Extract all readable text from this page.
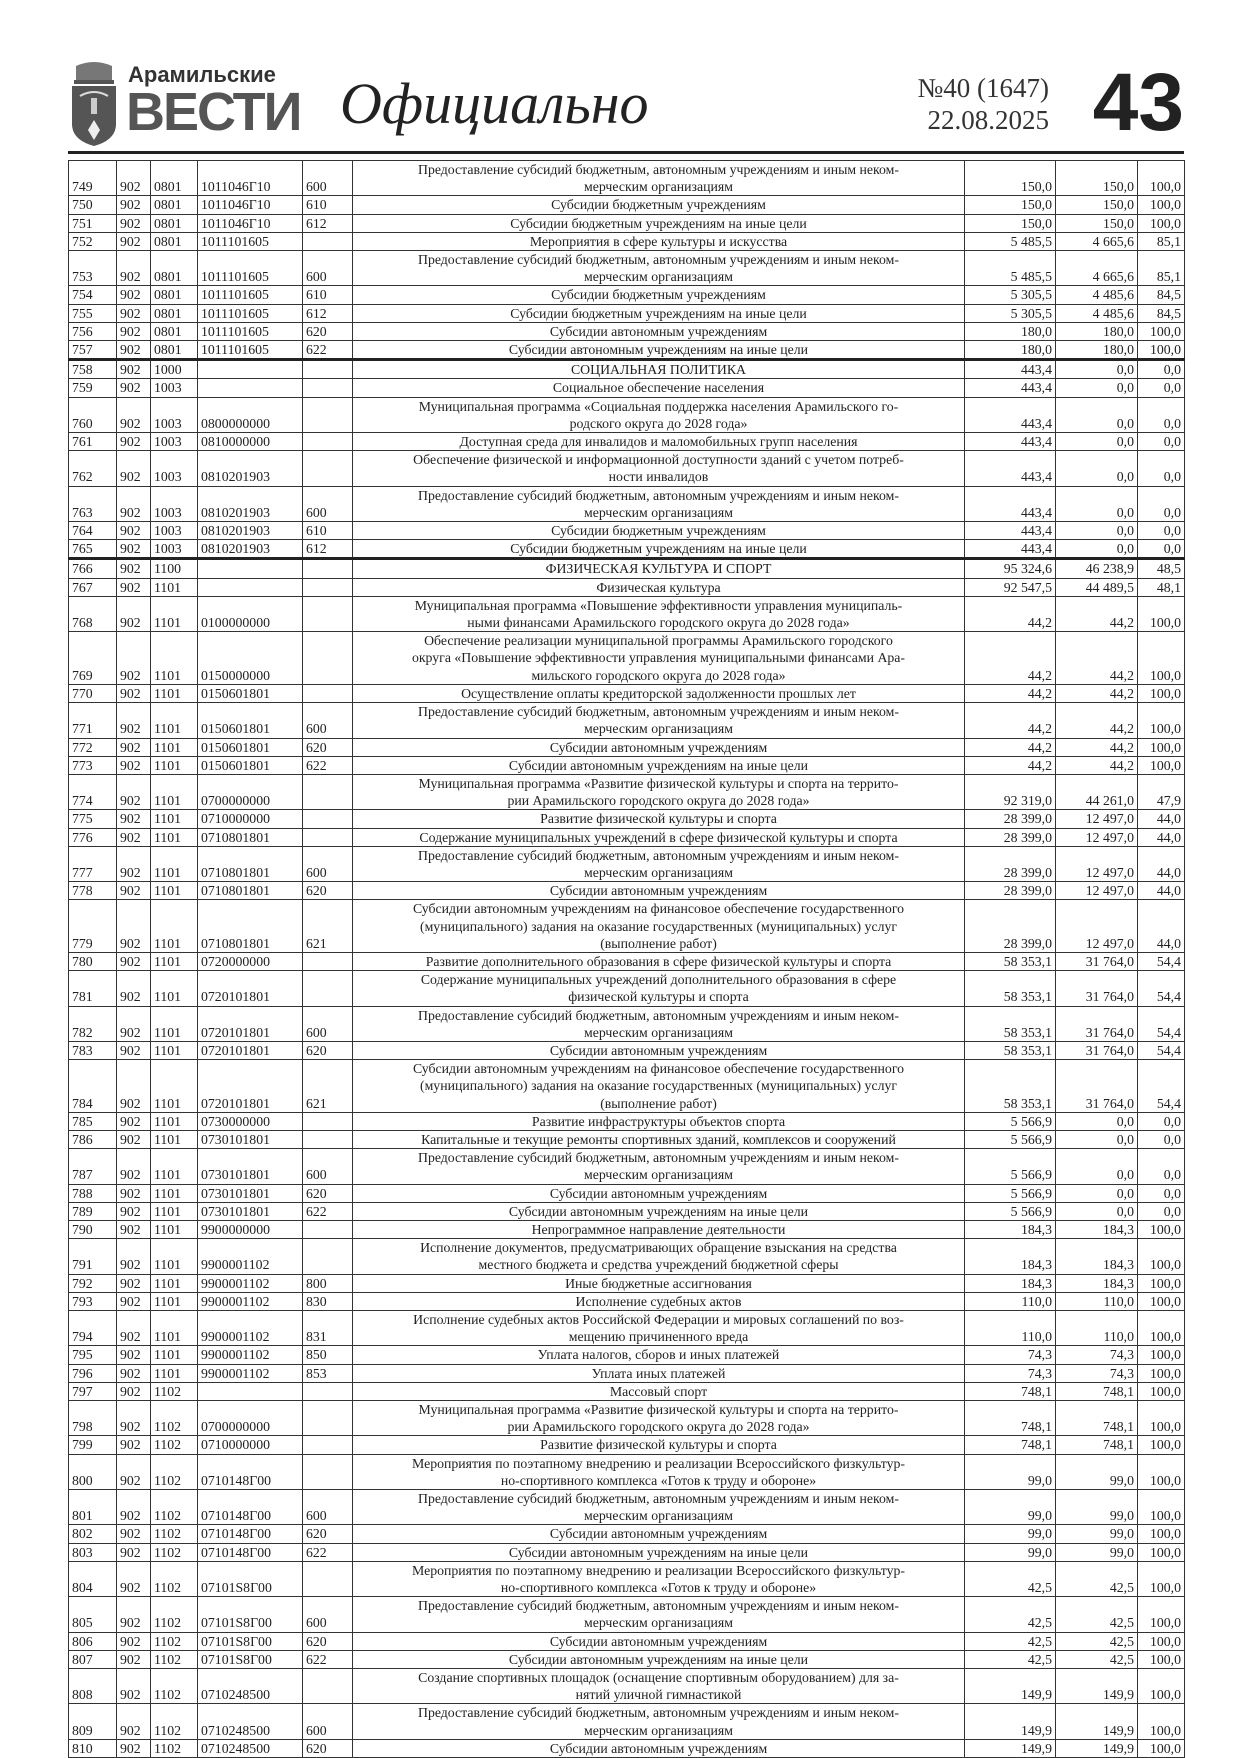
Арамильские
ВЕСТИ Официально	№40 (1647)
22.08.2025 43
749	902	0801	1011046Г10	600	Предоставление субсидий бюджетным, автономным учреждениям и иным неком-
мерческим организациям	150,0	150,0	100,0
750	902	0801	1011046Г10	610	Субсидии бюджетным учреждениям	150,0	150,0	100,0
751	902	0801	1011046Г10	612	Субсидии бюджетным учреждениям на иные цели	150,0	150,0	100,0
752	902	0801	1011101605		Мероприятия в сфере культуры и искусства	5 485,5	4 665,6	85,1
753	902	0801	1011101605	600	Предоставление субсидий бюджетным, автономным учреждениям и иным неком-
мерческим организациям	5 485,5	4 665,6	85,1
754	902	0801	1011101605	610	Субсидии бюджетным учреждениям	5 305,5	4 485,6	84,5
755	902	0801	1011101605	612	Субсидии бюджетным учреждениям на иные цели	5 305,5	4 485,6	84,5
756	902	0801	1011101605	620	Субсидии автономным учреждениям	180,0	180,0	100,0
757	902	0801	1011101605	622	Субсидии автономным учреждениям на иные цели	180,0	180,0	100,0
758	902	1000			СОЦИАЛЬНАЯ ПОЛИТИКА	443,4	0,0	0,0
759	902	1003			Социальное обеспечение населения	443,4	0,0	0,0
760	902	1003	0800000000		Муниципальная программа «Социальная поддержка населения Арамильского го-
родского округа до 2028 года»	443,4	0,0	0,0
761	902	1003	0810000000		Доступная среда для инвалидов и маломобильных групп населения	443,4	0,0	0,0
762	902	1003	0810201903		Обеспечение физической и информационной доступности зданий с учетом потреб-
ности инвалидов	443,4	0,0	0,0
763	902	1003	0810201903	600	Предоставление субсидий бюджетным, автономным учреждениям и иным неком-
мерческим организациям	443,4	0,0	0,0
764	902	1003	0810201903	610	Субсидии бюджетным учреждениям	443,4	0,0	0,0
765	902	1003	0810201903	612	Субсидии бюджетным учреждениям на иные цели	443,4	0,0	0,0
766	902	1100			ФИЗИЧЕСКАЯ КУЛЬТУРА И СПОРТ	95 324,6	46 238,9	48,5
767	902	1101			Физическая культура	92 547,5	44 489,5	48,1
768	902	1101	0100000000		Муниципальная программа «Повышение эффективности управления муниципаль-
ными финансами Арамильского городского округа до 2028 года»	44,2	44,2	100,0
769	902	1101	0150000000		Обеспечение реализации муниципальной программы Арамильского городского
округа «Повышение эффективности управления муниципальными финансами Ара-
мильского городского округа до 2028 года»	44,2	44,2	100,0
770	902	1101	0150601801		Осуществление оплаты кредиторской задолженности прошлых лет	44,2	44,2	100,0
771	902	1101	0150601801	600	Предоставление субсидий бюджетным, автономным учреждениям и иным неком-
мерческим организациям	44,2	44,2	100,0
772	902	1101	0150601801	620	Субсидии автономным учреждениям	44,2	44,2	100,0
773	902	1101	0150601801	622	Субсидии автономным учреждениям на иные цели	44,2	44,2	100,0
774	902	1101	0700000000		Муниципальная программа «Развитие физической культуры и спорта на террито-
рии Арамильского городского округа до 2028 года»	92 319,0	44 261,0	47,9
775	902	1101	0710000000		Развитие физической культуры и спорта	28 399,0	12 497,0	44,0
776	902	1101	0710801801		Содержание муниципальных учреждений в сфере физической культуры и спорта	28 399,0	12 497,0	44,0
777	902	1101	0710801801	600	Предоставление субсидий бюджетным, автономным учреждениям и иным неком-
мерческим организациям	28 399,0	12 497,0	44,0
778	902	1101	0710801801	620	Субсидии автономным учреждениям	28 399,0	12 497,0	44,0
779	902	1101	0710801801	621	Субсидии автономным учреждениям на финансовое обеспечение государственного
(муниципального) задания на оказание государственных (муниципальных) услуг
(выполнение работ)	28 399,0	12 497,0	44,0
780	902	1101	0720000000		Развитие дополнительного образования в сфере физической культуры и спорта	58 353,1	31 764,0	54,4
781	902	1101	0720101801		Содержание муниципальных учреждений дополнительного образования в сфере
физической культуры и спорта	58 353,1	31 764,0	54,4
782	902	1101	0720101801	600	Предоставление субсидий бюджетным, автономным учреждениям и иным неком-
мерческим организациям	58 353,1	31 764,0	54,4
783	902	1101	0720101801	620	Субсидии автономным учреждениям	58 353,1	31 764,0	54,4
784	902	1101	0720101801	621	Субсидии автономным учреждениям на финансовое обеспечение государственного
(муниципального) задания на оказание государственных (муниципальных) услуг
(выполнение работ)	58 353,1	31 764,0	54,4
785	902	1101	0730000000		Развитие инфраструктуры объектов спорта	5 566,9	0,0	0,0
786	902	1101	0730101801		Капитальные и текущие ремонты спортивных зданий, комплексов и сооружений	5 566,9	0,0	0,0
787	902	1101	0730101801	600	Предоставление субсидий бюджетным, автономным учреждениям и иным неком-
мерческим организациям	5 566,9	0,0	0,0
788	902	1101	0730101801	620	Субсидии автономным учреждениям	5 566,9	0,0	0,0
789	902	1101	0730101801	622	Субсидии автономным учреждениям на иные цели	5 566,9	0,0	0,0
790	902	1101	9900000000		Непрограммное направление деятельности	184,3	184,3	100,0
791	902	1101	9900001102		Исполнение документов, предусматривающих обращение взыскания на средства
местного бюджета и средства учреждений бюджетной сферы	184,3	184,3	100,0
792	902	1101	9900001102	800	Иные бюджетные ассигнования	184,3	184,3	100,0
793	902	1101	9900001102	830	Исполнение судебных актов	110,0	110,0	100,0
794	902	1101	9900001102	831	Исполнение судебных актов Российской Федерации и мировых соглашений по воз-
мещению причиненного вреда	110,0	110,0	100,0
795	902	1101	9900001102	850	Уплата налогов, сборов и иных платежей	74,3	74,3	100,0
796	902	1101	9900001102	853	Уплата иных платежей	74,3	74,3	100,0
797	902	1102			Массовый спорт	748,1	748,1	100,0
798	902	1102	0700000000		Муниципальная программа «Развитие физической культуры и спорта на террито-
рии Арамильского городского округа до 2028 года»	748,1	748,1	100,0
799	902	1102	0710000000		Развитие физической культуры и спорта	748,1	748,1	100,0
800	902	1102	0710148Г00		Мероприятия по поэтапному внедрению и реализации Всероссийского физкультур-
но-спортивного комплекса «Готов к труду и обороне»	99,0	99,0	100,0
801	902	1102	0710148Г00	600	Предоставление субсидий бюджетным, автономным учреждениям и иным неком-
мерческим организациям	99,0	99,0	100,0
802	902	1102	0710148Г00	620	Субсидии автономным учреждениям	99,0	99,0	100,0
803	902	1102	0710148Г00	622	Субсидии автономным учреждениям на иные цели	99,0	99,0	100,0
804	902	1102	07101S8Г00		Мероприятия по поэтапному внедрению и реализации Всероссийского физкультур-
но-спортивного комплекса «Готов к труду и обороне»	42,5	42,5	100,0
805	902	1102	07101S8Г00	600	Предоставление субсидий бюджетным, автономным учреждениям и иным неком-
мерческим организациям	42,5	42,5	100,0
806	902	1102	07101S8Г00	620	Субсидии автономным учреждениям	42,5	42,5	100,0
807	902	1102	07101S8Г00	622	Субсидии автономным учреждениям на иные цели	42,5	42,5	100,0
808	902	1102	0710248500		Создание спортивных площадок (оснащение спортивным оборудованием) для за-
нятий уличной гимнастикой	149,9	149,9	100,0
809	902	1102	0710248500	600	Предоставление субсидий бюджетным, автономным учреждениям и иным неком-
мерческим организациям	149,9	149,9	100,0
810	902	1102	0710248500	620	Субсидии автономным учреждениям	149,9	149,9	100,0
